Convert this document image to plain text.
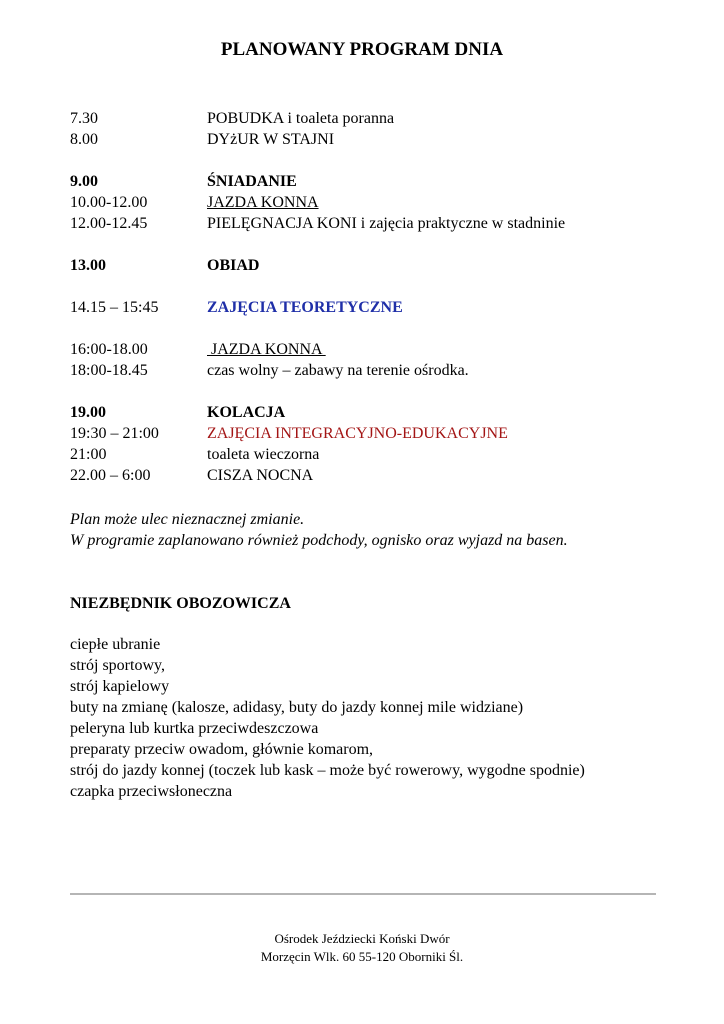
PLANOWANY PROGRAM DNIA
7.30	POBUDKA i toaleta poranna
8.00	DYżUR W STAJNI
9.00	ŚNIADANIE
10.00-12.00	JAZDA KONNA
12.00-12.45	PIELĘGNACJA KONI i zajęcia praktyczne w stadninie
13.00	OBIAD
14.15 – 15:45	ZAJĘCIA TEORETYCZNE
16:00-18.00	JAZDA KONNA
18:00-18.45	czas wolny – zabawy na terenie ośrodka.
19.00	KOLACJA
19:30 – 21:00	ZAJĘCIA INTEGRACYJNO-EDUKACYJNE
21:00	toaleta wieczorna
22.00 – 6:00	CISZA NOCNA
Plan może ulec nieznacznej zmianie.
W programie zaplanowano również podchody, ognisko oraz wyjazd na basen.
NIEZBĘDNIK OBOZOWICZA
ciepłe ubranie
strój sportowy,
strój kapielowy
buty na zmianę (kalosze, adidasy, buty do jazdy konnej mile widziane)
peleryna lub kurtka przeciwdeszczowa
preparaty przeciw owadom, głównie komarom,
strój do jazdy konnej (toczek lub kask – może być rowerowy, wygodne spodnie)
czapka przeciwsłoneczna
Ośrodek Jeździecki Koński Dwór
Morzęcin Wlk. 60 55-120 Oborniki Śl.
